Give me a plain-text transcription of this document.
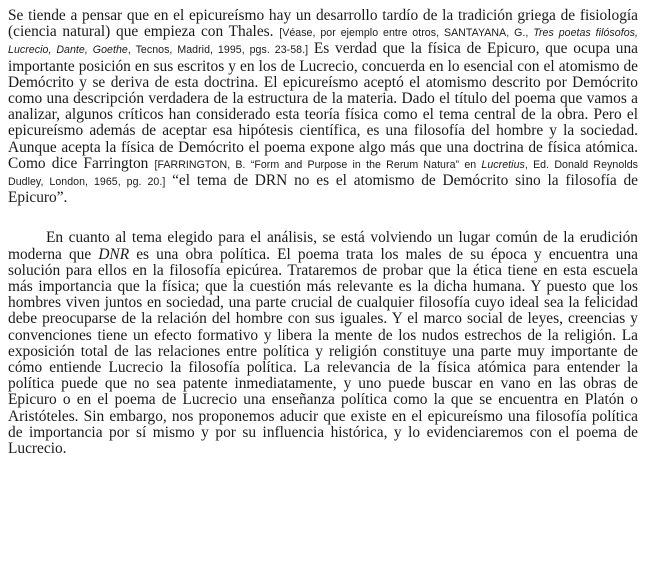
Se tiende a pensar que en el epicureísmo hay un desarrollo tardío de la tradición griega de fisiología (ciencia natural) que empieza con Thales. [Véase, por ejemplo entre otros, SANTAYANA, G., Tres poetas filósofos, Lucrecio, Dante, Goethe, Tecnos, Madrid, 1995, pgs. 23-58.] Es verdad que la física de Epicuro, que ocupa una importante posición en sus escritos y en los de Lucrecio, concuerda en lo esencial con el atomismo de Demócrito y se deriva de esta doctrina. El epicureísmo aceptó el atomismo descrito por Demócrito como una descripción verdadera de la estructura de la materia. Dado el título del poema que vamos a analizar, algunos críticos han considerado esta teoría física como el tema central de la obra. Pero el epicureísmo además de aceptar esa hipótesis científica, es una filosofía del hombre y la sociedad. Aunque acepta la física de Demócrito el poema expone algo más que una doctrina de física atómica. Como dice Farrington [FARRINGTON, B. “Form and Purpose in the Rerum Natura” en Lucretius, Ed. Donald Reynolds Dudley, London, 1965, pg. 20.] “el tema de DRN no es el atomismo de Demócrito sino la filosofía de Epicuro”.
En cuanto al tema elegido para el análisis, se está volviendo un lugar común de la erudición moderna que DNR es una obra política. El poema trata los males de su época y encuentra una solución para ellos en la filosofía epicúrea. Trataremos de probar que la ética tiene en esta escuela más importancia que la física; que la cuestión más relevante es la dicha humana. Y puesto que los hombres viven juntos en sociedad, una parte crucial de cualquier filosofía cuyo ideal sea la felicidad debe preocuparse de la relación del hombre con sus iguales. Y el marco social de leyes, creencias y convenciones tiene un efecto formativo y libera la mente de los nudos estrechos de la religión. La exposición total de las relaciones entre política y religión constituye una parte muy importante de cómo entiende Lucrecio la filosofía política. La relevancia de la física atómica para entender la política puede que no sea patente inmediatamente, y uno puede buscar en vano en las obras de Epicuro o en el poema de Lucrecio una enseñanza política como la que se encuentra en Platón o Aristóteles. Sin embargo, nos proponemos aducir que existe en el epicureísmo una filosofía política de importancia por sí mismo y por su influencia histórica, y lo evidenciaremos con el poema de Lucrecio.
